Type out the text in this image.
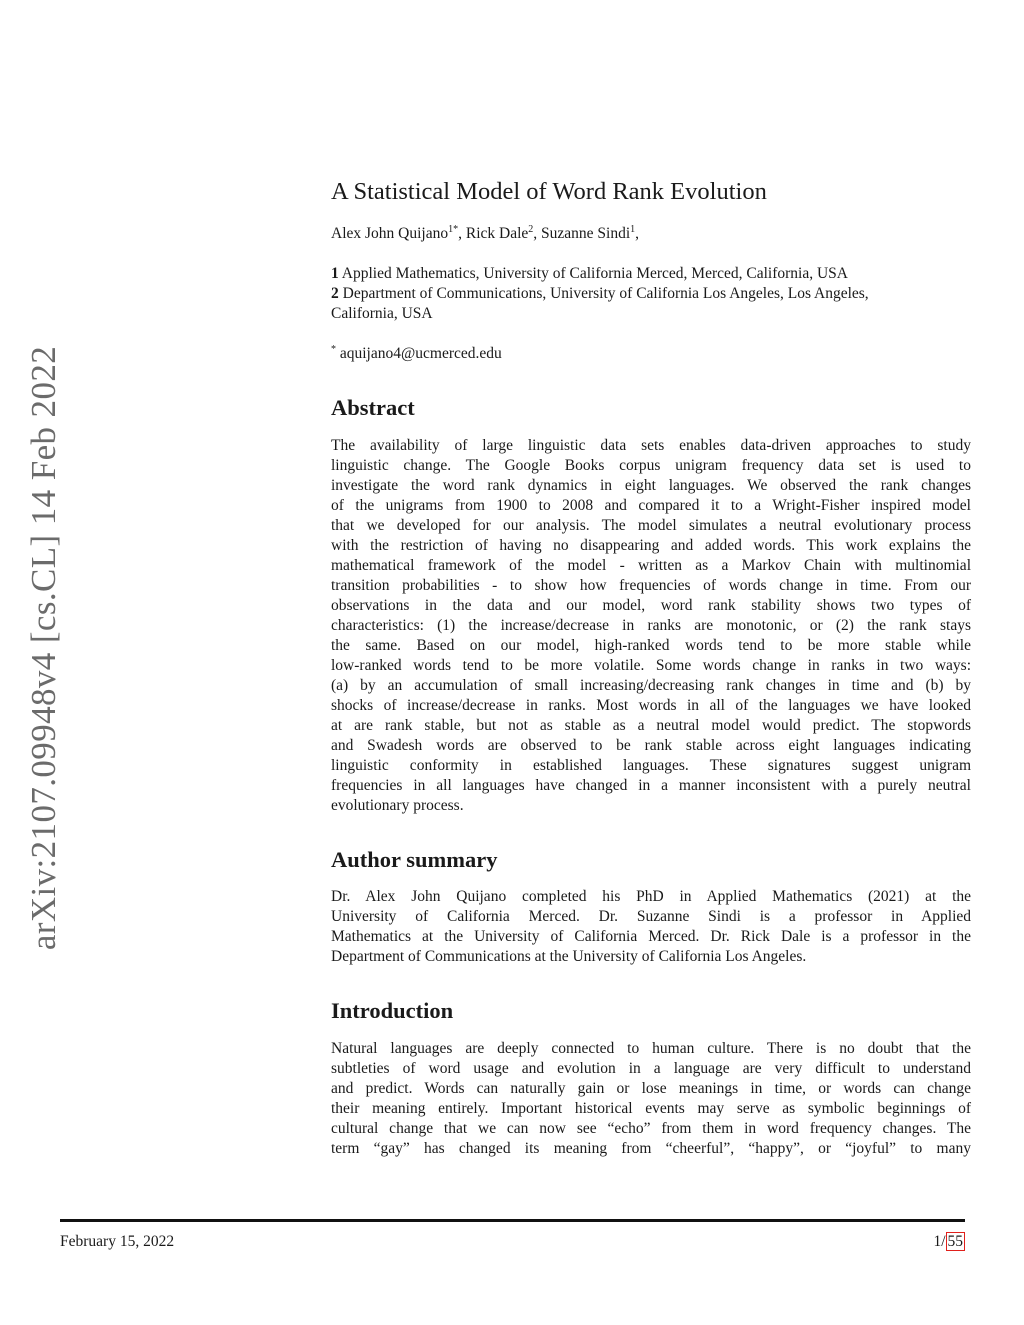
arXiv:2107.09948v4 [cs.CL] 14 Feb 2022
A Statistical Model of Word Rank Evolution
Alex John Quijano$^{1*}$, Rick Dale$^2$, Suzanne Sindi$^1$,
1 Applied Mathematics, University of California Merced, Merced, California, USA
2 Department of Communications, University of California Los Angeles, Los Angeles,
California, USA
* aquijano4@ucmerced.edu
Abstract
The availability of large linguistic data sets enables data-driven approaches to study
linguistic change. The Google Books corpus unigram frequency data set is used to
investigate the word rank dynamics in eight languages. We observed the rank changes
of the unigrams from 1900 to 2008 and compared it to a Wright-Fisher inspired model
that we developed for our analysis. The model simulates a neutral evolutionary process
with the restriction of having no disappearing and added words. This work explains the
mathematical framework of the model - written as a Markov Chain with multinomial
transition probabilities - to show how frequencies of words change in time. From our
observations in the data and our model, word rank stability shows two types of
characteristics: (1) the increase/decrease in ranks are monotonic, or (2) the rank stays
the same. Based on our model, high-ranked words tend to be more stable while
low-ranked words tend to be more volatile. Some words change in ranks in two ways:
(a) by an accumulation of small increasing/decreasing rank changes in time and (b) by
shocks of increase/decrease in ranks. Most words in all of the languages we have looked
at are rank stable, but not as stable as a neutral model would predict. The stopwords
and Swadesh words are observed to be rank stable across eight languages indicating
linguistic conformity in established languages. These signatures suggest unigram
frequencies in all languages have changed in a manner inconsistent with a purely neutral
evolutionary process.
Author summary
Dr. Alex John Quijano completed his PhD in Applied Mathematics (2021) at the
University of California Merced. Dr. Suzanne Sindi is a professor in Applied
Mathematics at the University of California Merced. Dr. Rick Dale is a professor in the
Department of Communications at the University of California Los Angeles.
Introduction
Natural languages are deeply connected to human culture. There is no doubt that the
subtleties of word usage and evolution in a language are very difficult to understand
and predict. Words can naturally gain or lose meanings in time, or words can change
their meaning entirely. Important historical events may serve as symbolic beginnings of
cultural change that we can now see “echo” from them in word frequency changes. The
term “gay” has changed its meaning from “cheerful”, “happy”, or “joyful” to many
February 15, 2022	1/ 55
